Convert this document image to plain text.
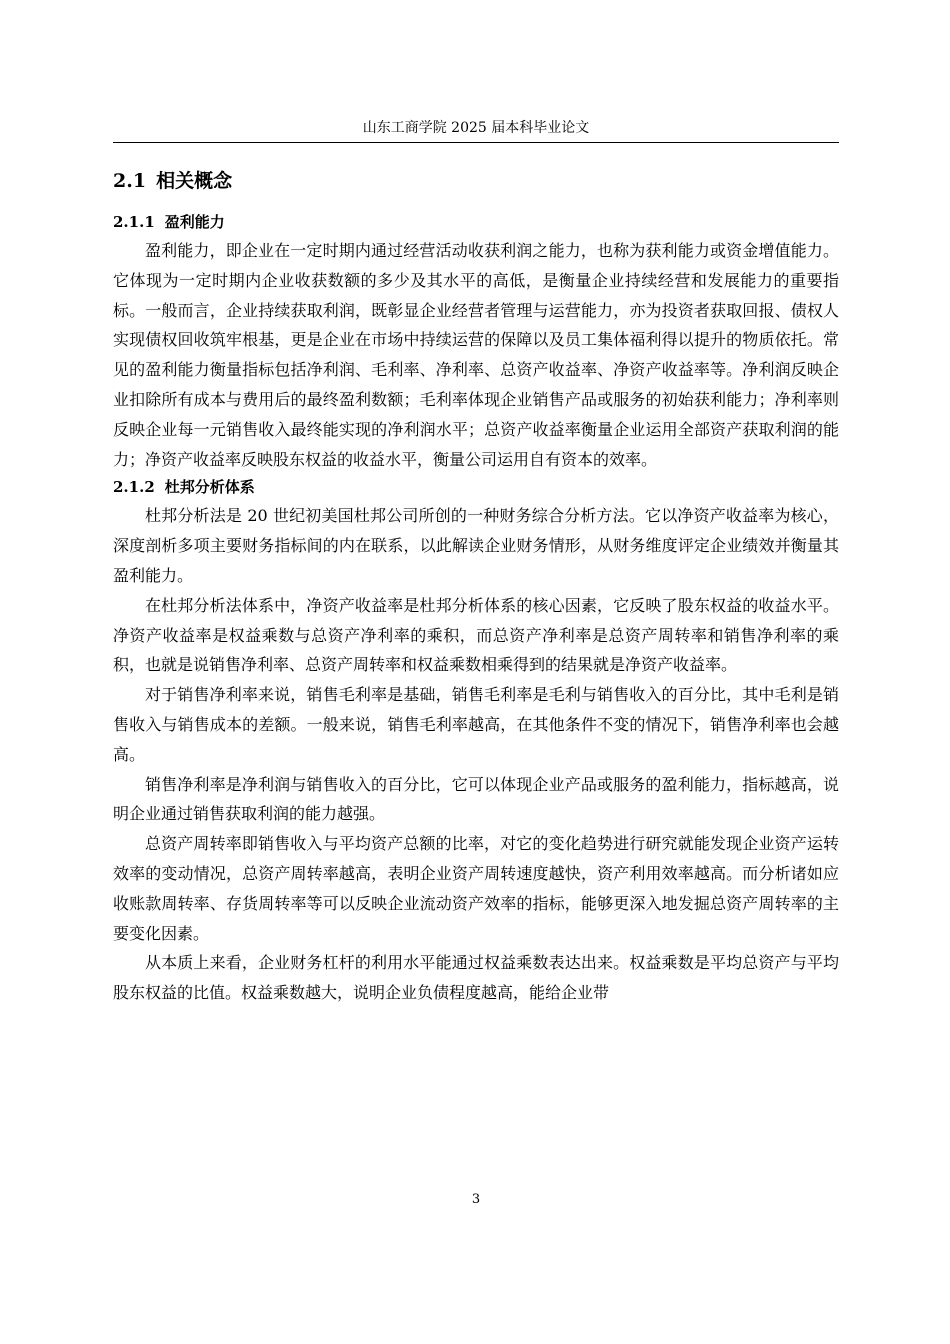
山东工商学院 2025 届本科毕业论文
2.1 相关概念
2.1.1 盈利能力

盈利能力，即企业在一定时期内通过经营活动收获利润之能力，也称为获利能力或资金增值能力。它体现为一定时期内企业收获数额的多少及其水平的高低，是衡量企业持续经营和发展能力的重要指标。一般而言，企业持续获取利润，既彰显企业经营者管理与运营能力，亦为投资者获取回报、债权人实现债权回收筑牢根基，更是企业在市场中持续运营的保障以及员工集体福利得以提升的物质依托。常见的盈利能力衡量指标包括净利润、毛利率、净利率、总资产收益率、净资产收益率等。净利润反映企业扣除所有成本与费用后的最终盈利数额；毛利率体现企业销售产品或服务的初始获利能力；净利率则反映企业每一元销售收入最终能实现的净利润水平；总资产收益率衡量企业运用全部资产获取利润的能力；净资产收益率反映股东权益的收益水平，衡量公司运用自有资本的效率。

2.1.2 杜邦分析体系

杜邦分析法是 20 世纪初美国杜邦公司所创的一种财务综合分析方法。它以净资产收益率为核心，深度剖析多项主要财务指标间的内在联系，以此解读企业财务情形，从财务维度评定企业绩效并衡量其盈利能力。

在杜邦分析法体系中，净资产收益率是杜邦分析体系的核心因素，它反映了股东权益的收益水平。净资产收益率是权益乘数与总资产净利率的乘积，而总资产净利率是总资产周转率和销售净利率的乘积，也就是说销售净利率、总资产周转率和权益乘数相乘得到的结果就是净资产收益率。

对于销售净利率来说，销售毛利率是基础，销售毛利率是毛利与销售收入的百分比，其中毛利是销售收入与销售成本的差额。一般来说，销售毛利率越高，在其他条件不变的情况下，销售净利率也会越高。

销售净利率是净利润与销售收入的百分比，它可以体现企业产品或服务的盈利能力，指标越高，说明企业通过销售获取利润的能力越强。

总资产周转率即销售收入与平均资产总额的比率，对它的变化趋势进行研究就能发现企业资产运转效率的变动情况，总资产周转率越高，表明企业资产周转速度越快，资产利用效率越高。而分析诸如应收账款周转率、存货周转率等可以反映企业流动资产效率的指标，能够更深入地发掘总资产周转率的主要变化因素。

从本质上来看，企业财务杠杆的利用水平能通过权益乘数表达出来。权益乘数是平均总资产与平均股东权益的比值。权益乘数越大，说明企业负债程度越高，能给企业带

3
